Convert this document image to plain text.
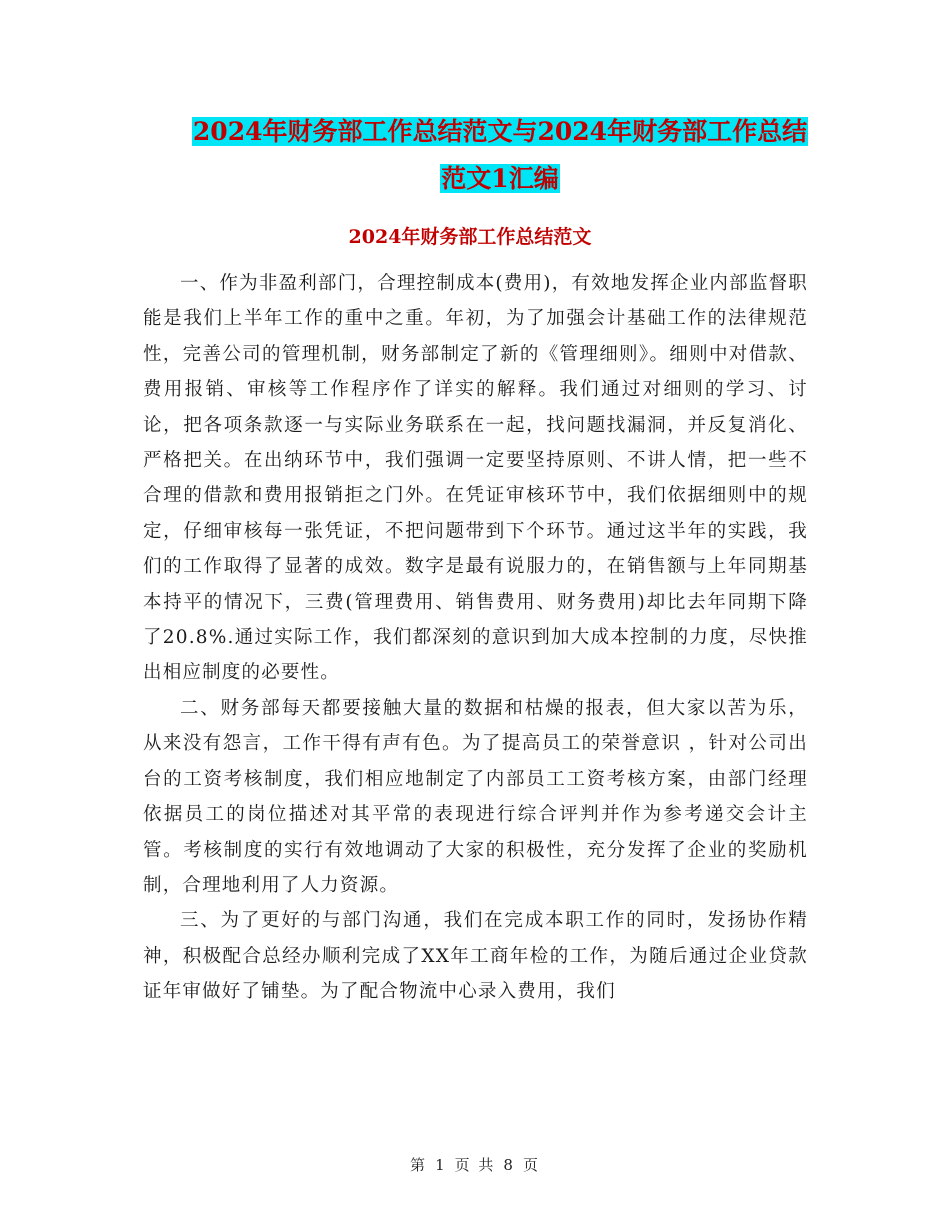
2024年财务部工作总结范文与2024年财务部工作总结
范文1汇编
2024年财务部工作总结范文

一、作为非盈利部门，合理控制成本(费用)，有效地发挥企业内部监督职能是我们上半年工作的重中之重。年初，为了加强会计基础工作的法律规范性，完善公司的管理机制，财务部制定了新的《管理细则》。细则中对借款、费用报销、审核等工作程序作了详实的解释。我们通过对细则的学习、讨论，把各项条款逐一与实际业务联系在一起，找问题找漏洞，并反复消化、严格把关。在出纳环节中，我们强调一定要坚持原则、不讲人情，把一些不合理的借款和费用报销拒之门外。在凭证审核环节中，我们依据细则中的规定，仔细审核每一张凭证，不把问题带到下个环节。通过这半年的实践，我们的工作取得了显著的成效。数字是最有说服力的，在销售额与上年同期基本持平的情况下，三费(管理费用、销售费用、财务费用)却比去年同期下降了20.8%.通过实际工作，我们都深刻的意识到加大成本控制的力度，尽快推出相应制度的必要性。

二、财务部每天都要接触大量的数据和枯燥的报表，但大家以苦为乐，从来没有怨言，工作干得有声有色。为了提高员工的荣誉意识 ，针对公司出台的工资考核制度，我们相应地制定了内部员工工资考核方案，由部门经理依据员工的岗位描述对其平常的表现进行综合评判并作为参考递交会计主管。考核制度的实行有效地调动了大家的积极性，充分发挥了企业的奖励机制，合理地利用了人力资源。

三、为了更好的与部门沟通，我们在完成本职工作的同时，发扬协作精神，积极配合总经办顺利完成了XX年工商年检的工作，为随后通过企业贷款证年审做好了铺垫。为了配合物流中心录入费用，我们

第 1 页 共 8 页
